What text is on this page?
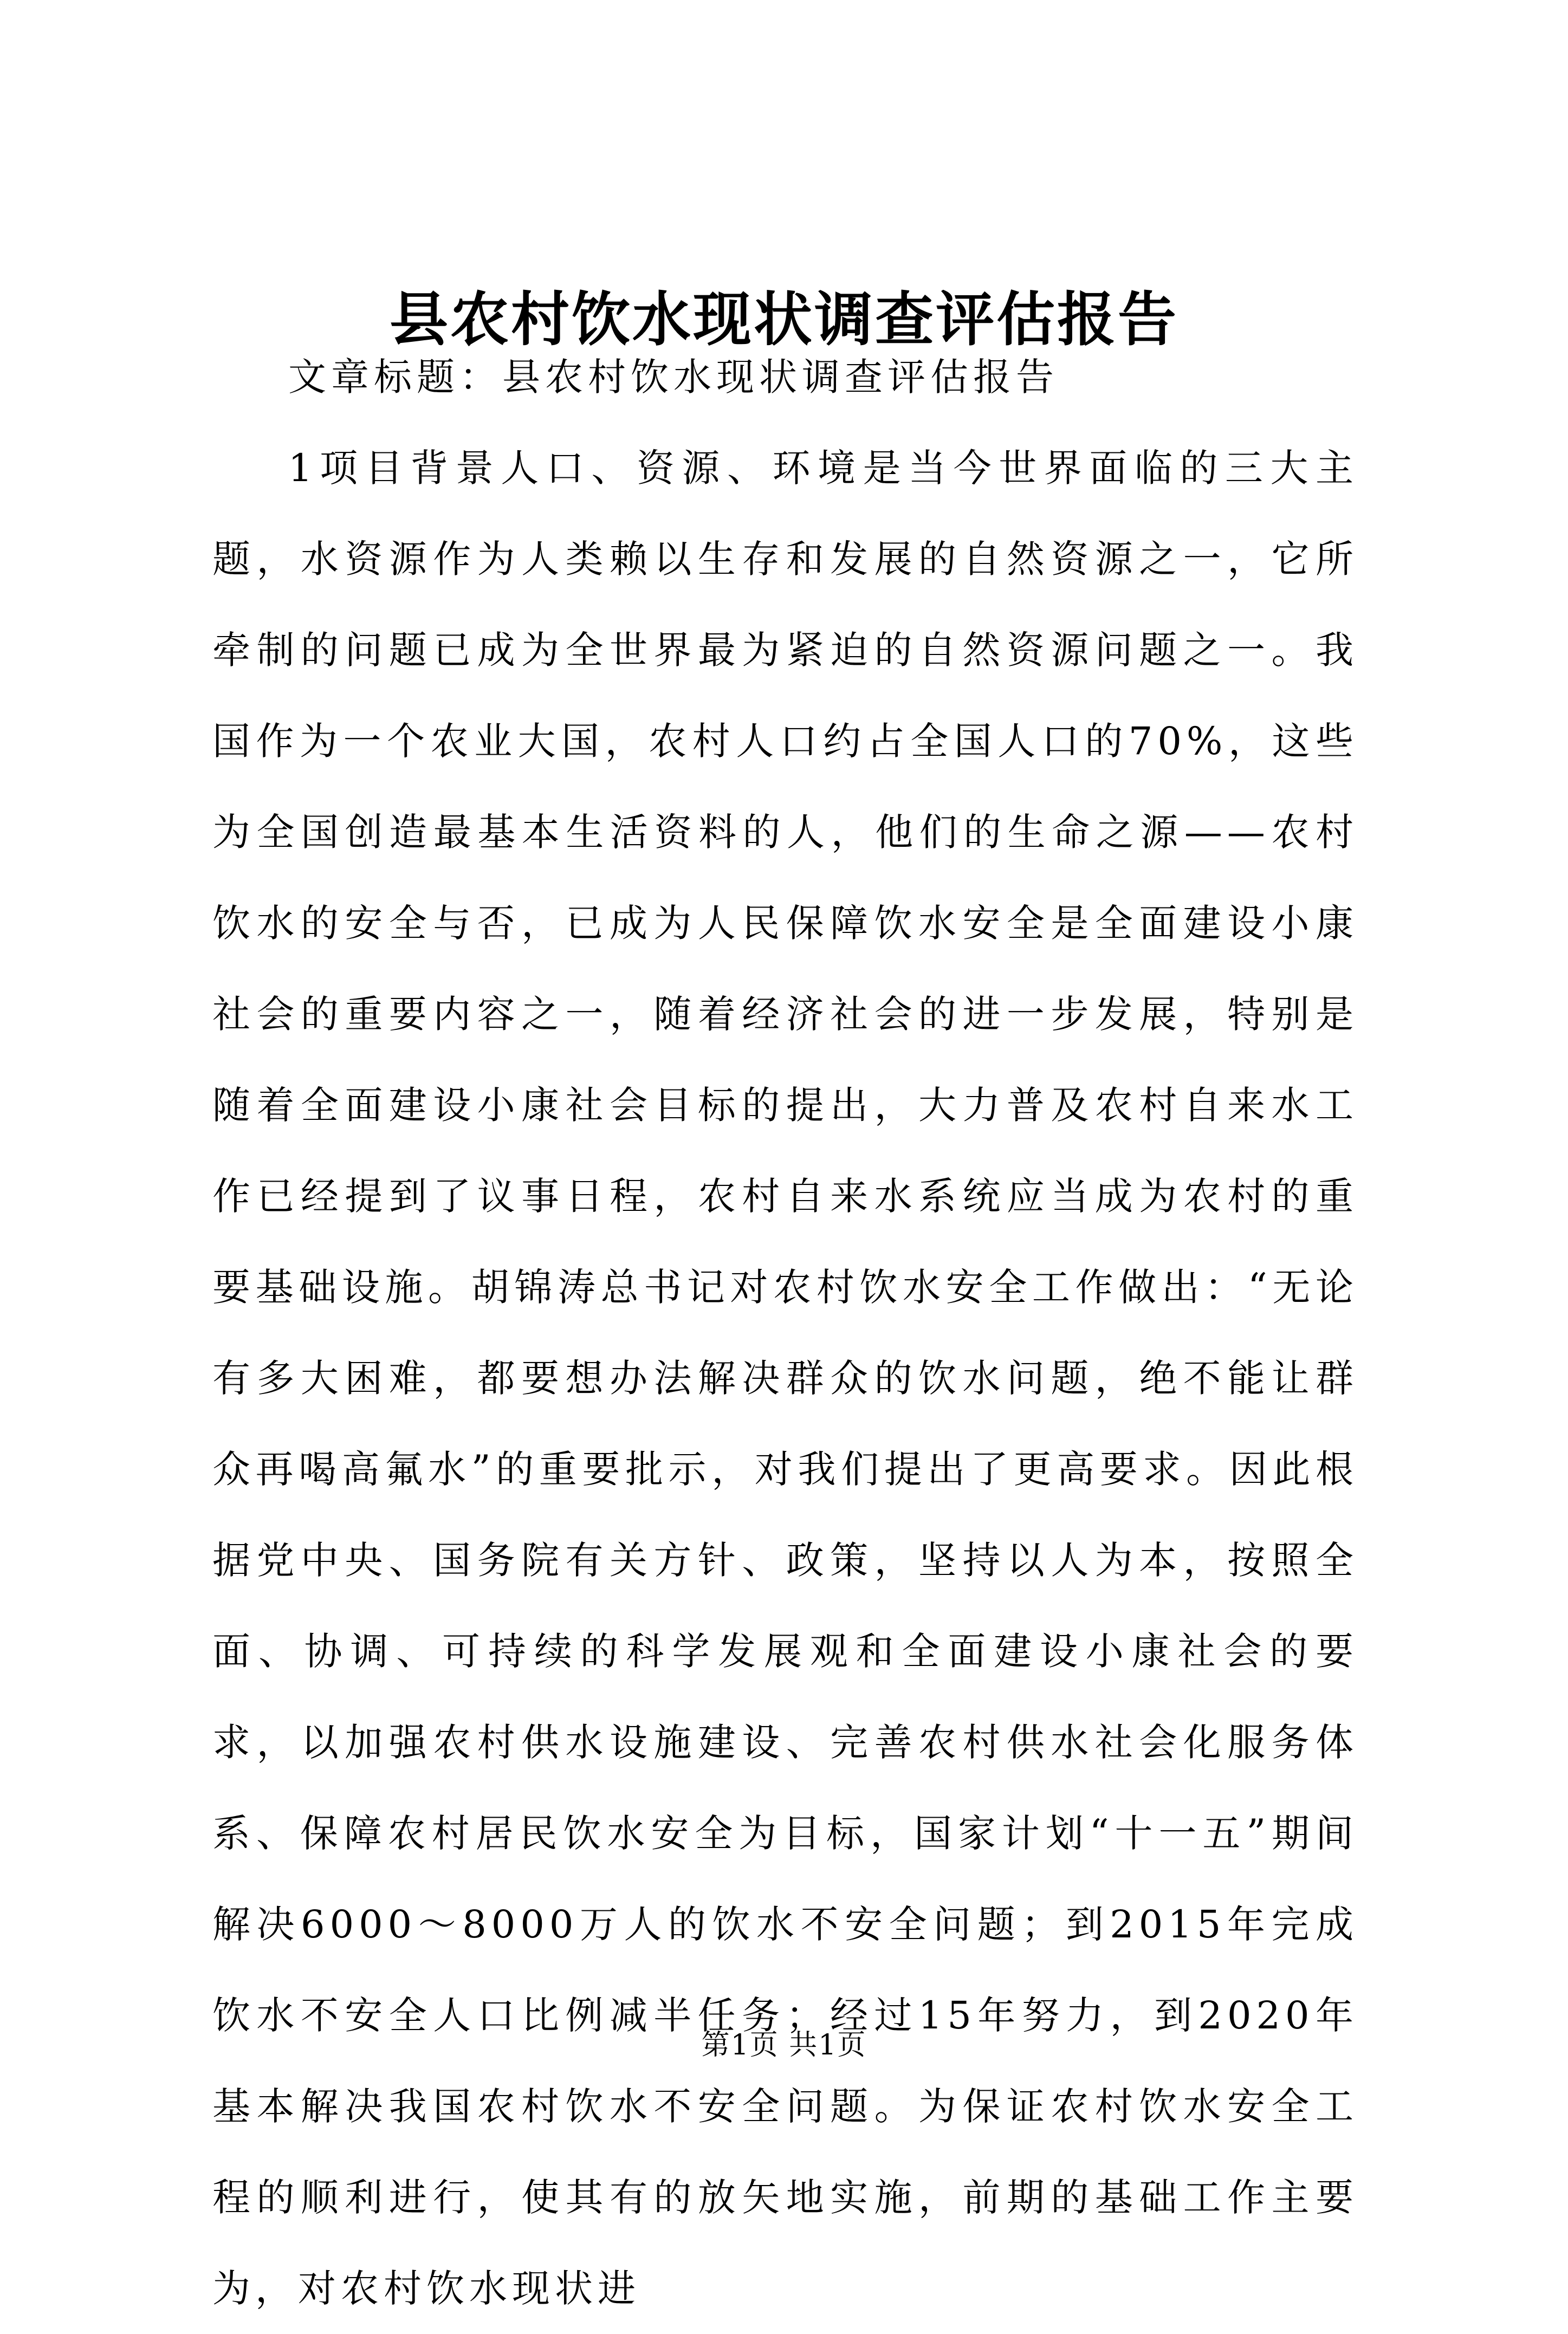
县农村饮水现状调查评估报告

文章标题：县农村饮水现状调查评估报告

1项目背景人口、资源、环境是当今世界面临的三大主题，水资源作为人类赖以生存和发展的自然资源之一，它所牵制的问题已成为全世界最为紧迫的自然资源问题之一。我国作为一个农业大国，农村人口约占全国人口的70%，这些为全国创造最基本生活资料的人，他们的生命之源——农村饮水的安全与否，已成为人民保障饮水安全是全面建设小康社会的重要内容之一，随着经济社会的进一步发展，特别是随着全面建设小康社会目标的提出，大力普及农村自来水工作已经提到了议事日程，农村自来水系统应当成为农村的重要基础设施。胡锦涛总书记对农村饮水安全工作做出：“无论有多大困难，都要想办法解决群众的饮水问题，绝不能让群众再喝高氟水”的重要批示，对我们提出了更高要求。因此根据党中央、国务院有关方针、政策，坚持以人为本，按照全面、协调、可持续的科学发展观和全面建设小康社会的要求，以加强农村供水设施建设、完善农村供水社会化服务体系、保障农村居民饮水安全为目标，国家计划“十一五”期间解决6000～8000万人的饮水不安全问题；到2015年完成饮水不安全人口比例减半任务；经过15年努力，到2020年基本解决我国农村饮水不安全问题。为保证农村饮水安全工程的顺利进行，使其有的放矢地实施，前期的基础工作主要为，对农村饮水现状进

第1页 共1页
